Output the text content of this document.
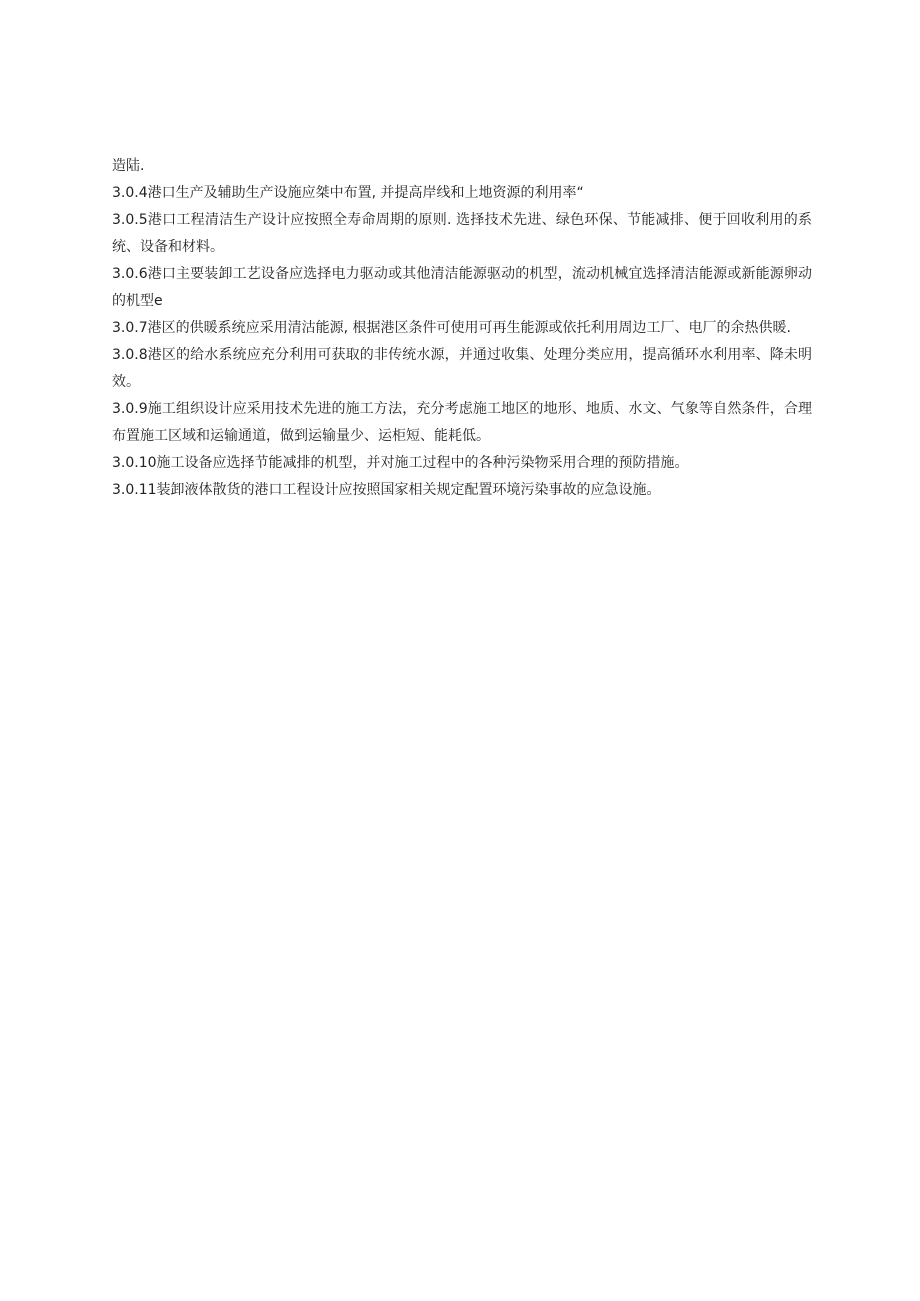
造陆.

3.0.4港口生产及辅助生产设施应桀中布置, 并提高岸线和上地资源的利用率“

3.0.5港口工程清洁生产设计应按照全寿命周期的原则. 选择技术先进、绿色环保、节能减排、便于回收利用的系统、设备和材料。

3.0.6港口主要装卸工艺设备应选择电力驱动或其他清洁能源驱动的机型，流动机械宜选择清洁能源或新能源卵动的机型e

3.0.7港区的供暖系统应采用清沽能源, 根据港区条件可使用可再生能源或依托利用周边工厂、电厂的余热供暖.

3.0.8港区的给水系统应充分利用可获取的非传统水源，并通过收集、处理分类应用，提高循环水利用率、降未明效。

3.0.9施工组织设计应采用技术先进的施工方法，充分考虑施工地区的地形、地质、水文、气象等自然条件，合理布置施工区域和运输通道，做到运输量少、运柜短、能耗低。

3.0.10施工设备应选择节能减排的机型，并对施工过程中的各种污染物采用合理的预防措施。

3.0.11装卸液体散货的港口工程设计应按照国家相关规定配置环境污染事故的应急设施。
